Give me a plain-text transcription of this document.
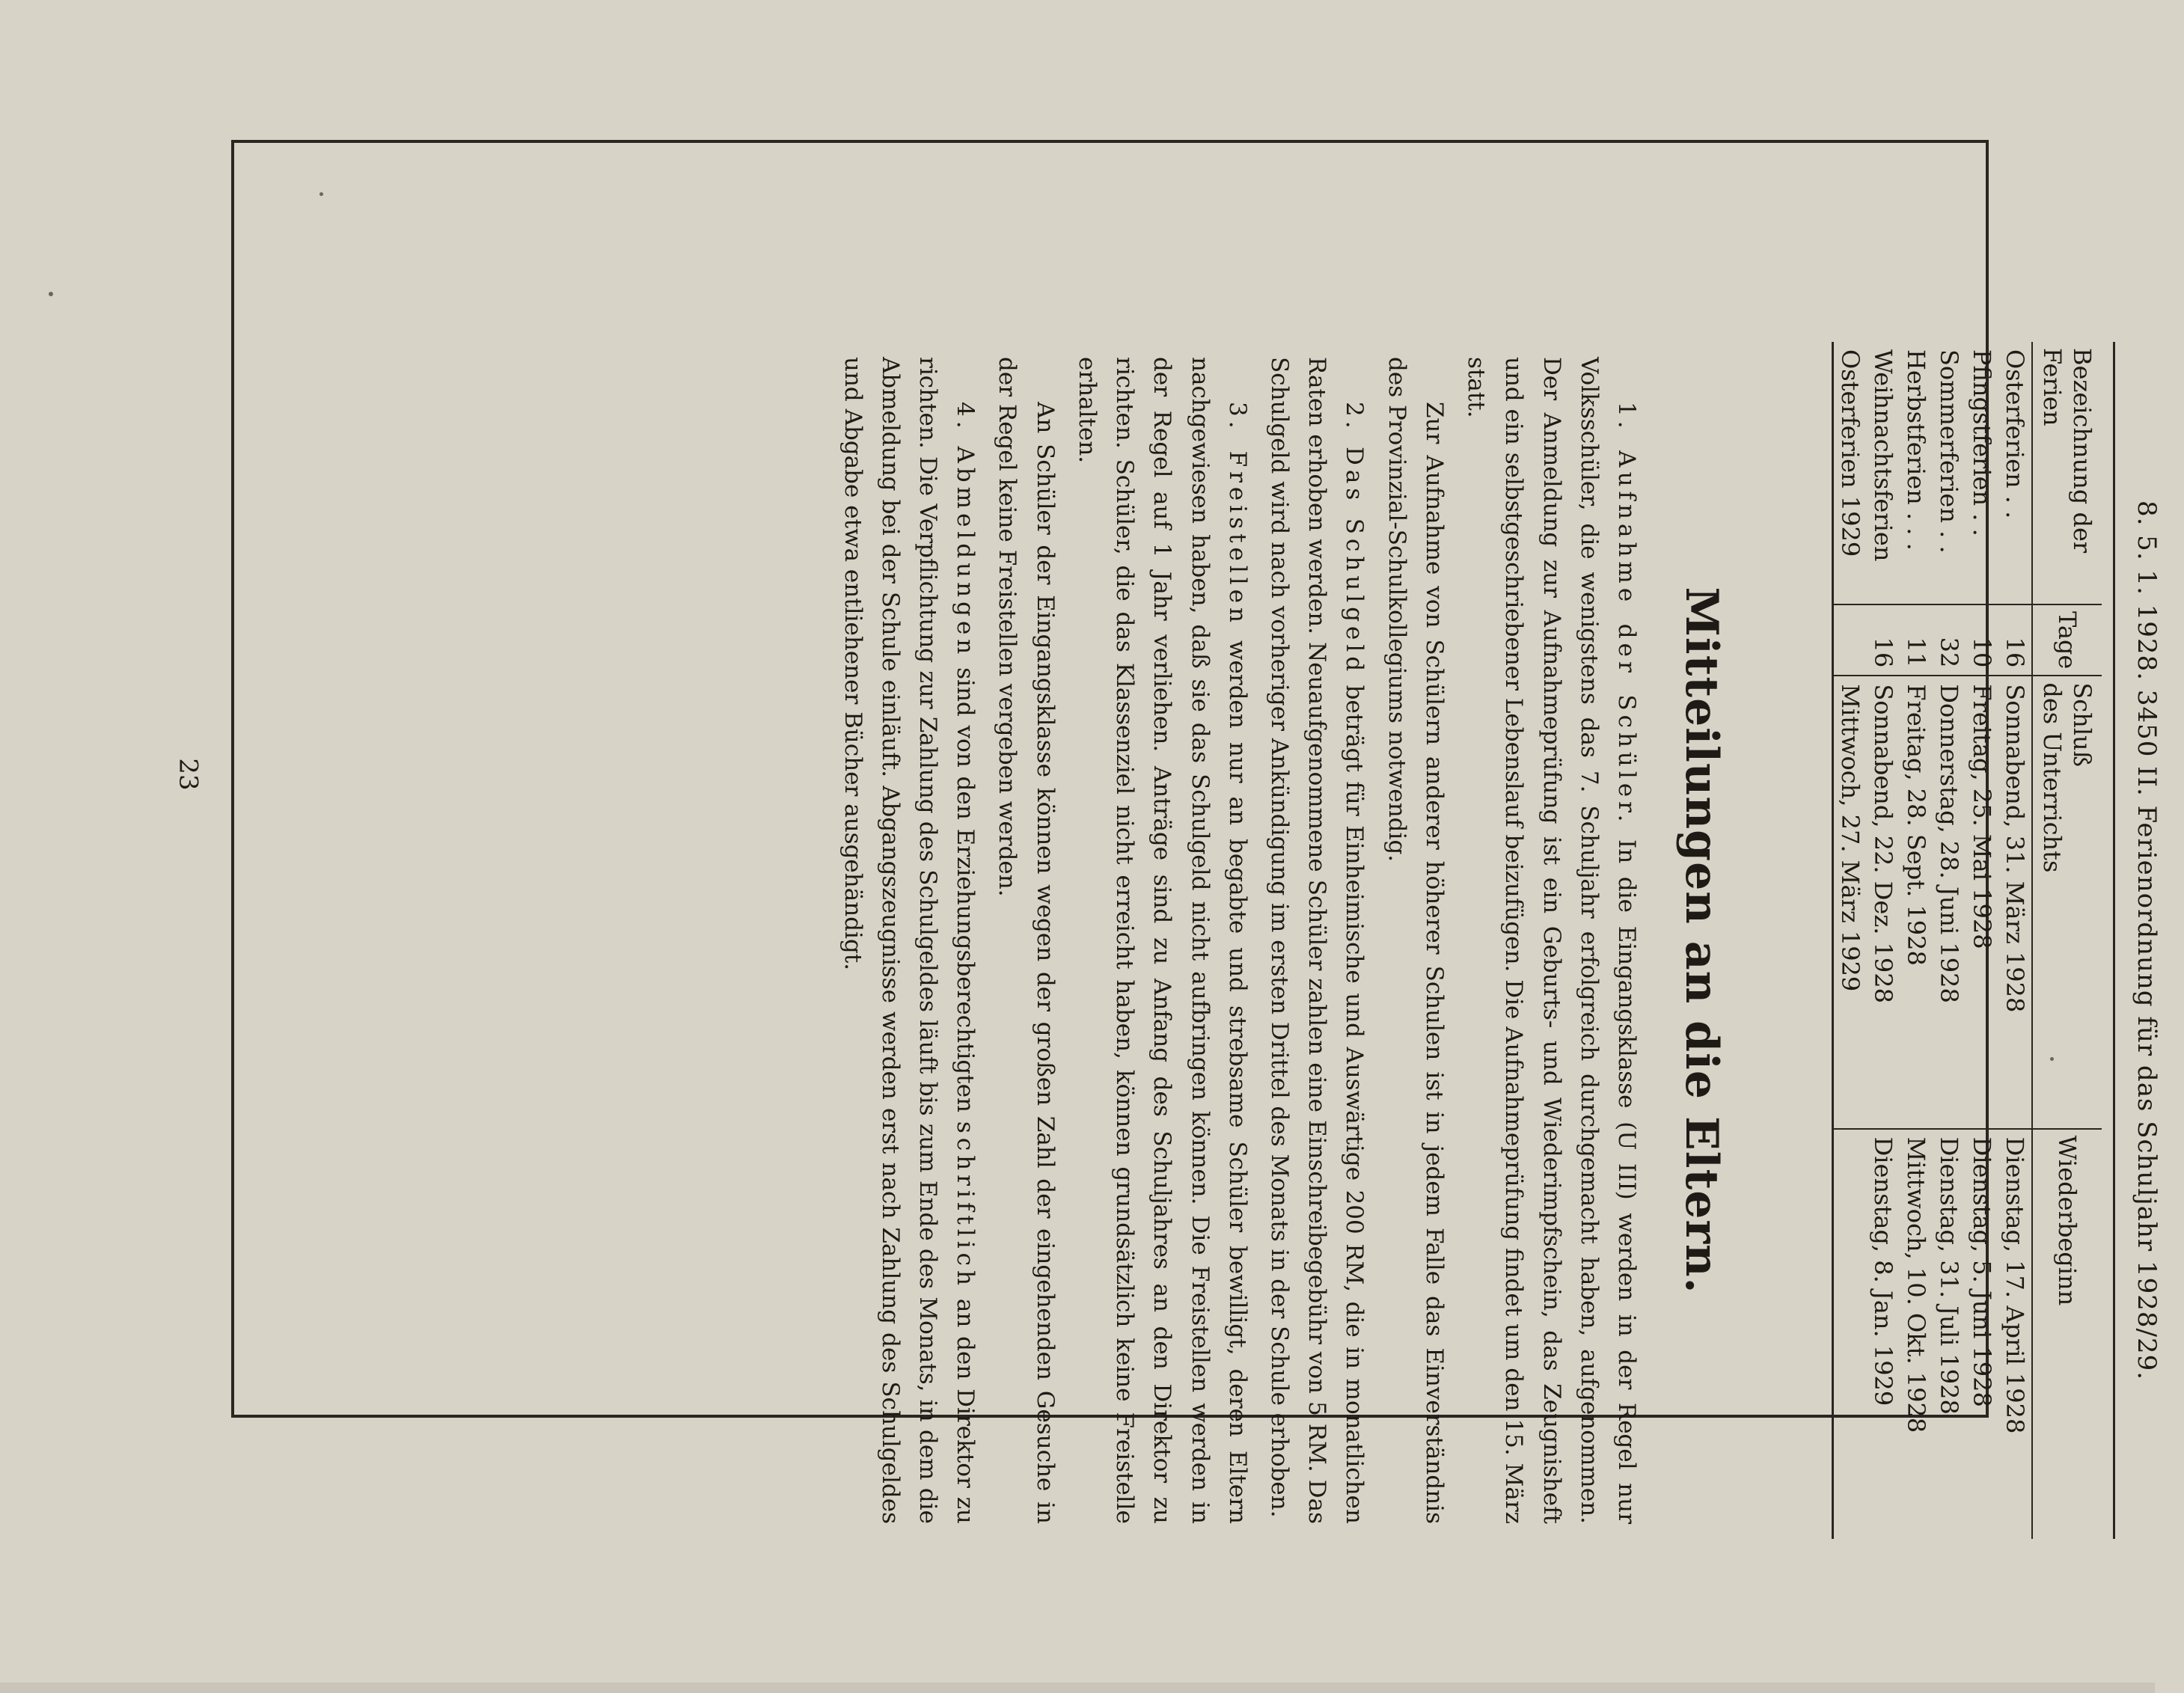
23	8. 5. 1. 1928. 3450 II. Ferienordnung für das Schuljahr 1928/29.
Bezeichnung der Ferien	Tage	Schluß
des Unterrichts	Wiederbeginn
Osterferien . .	16	Sonnabend, 31. März 1928	Dienstag, 17. April 1928
Pfingstferien . .	10	Freitag, 25. Mai 1928	Dienstag, 5. Juni 1928
Sommerferien . .	32	Donnerstag, 28. Juni 1928	Dienstag, 31. Juli 1928
Herbstferien . . .	11	Freitag, 28. Sept. 1928	Mittwoch, 10. Okt. 1928
Weihnachtsferien	16	Sonnabend, 22. Dez. 1928	Dienstag, 8. Jan. 1929
Osterferien 1929		Mittwoch, 27. März 1929	
Mitteilungen an die Eltern.

1. Aufnahme der Schüler. In die Eingangsklasse (U III) werden in der Regel nur Volksschüler, die wenigstens das 7. Schuljahr erfolgreich durchgemacht haben, aufgenommen. Der Anmeldung zur Aufnahmeprüfung ist ein Geburts- und Wiederimpfschein, das Zeugnisheft und ein selbstgeschriebener Lebenslauf beizufügen. Die Aufnahmeprüfung findet um den 15. März statt.

Zur Aufnahme von Schülern anderer höherer Schulen ist in jedem Falle das Einverständnis des Provinzial-Schulkollegiums notwendig.

2. Das Schulgeld beträgt für Einheimische und Auswärtige 200 RM, die in monatlichen Raten erhoben werden. Neuaufgenommene Schüler zahlen eine Einschreibegebühr von 5 RM. Das Schulgeld wird nach vorheriger Ankündigung im ersten Drittel des Monats in der Schule erhoben.

3. Freistellen werden nur an begabte und strebsame Schüler bewilligt, deren Eltern nachgewiesen haben, daß sie das Schulgeld nicht aufbringen können. Die Freistellen werden in der Regel auf 1 Jahr verliehen. Anträge sind zu Anfang des Schuljahres an den Direktor zu richten. Schüler, die das Klassenziel nicht erreicht haben, können grundsätzlich keine Freistelle erhalten.

An Schüler der Eingangsklasse können wegen der großen Zahl der eingehenden Gesuche in der Regel keine Freistellen vergeben werden.

4. Abmeldungen sind von den Erziehungsberechtigten schriftlich an den Direktor zu richten. Die Verpflichtung zur Zahlung des Schulgeldes läuft bis zum Ende des Monats, in dem die Abmeldung bei der Schule einläuft. Abgangszeugnisse werden erst nach Zahlung des Schulgeldes und Abgabe etwa entliehener Bücher ausgehändigt.
